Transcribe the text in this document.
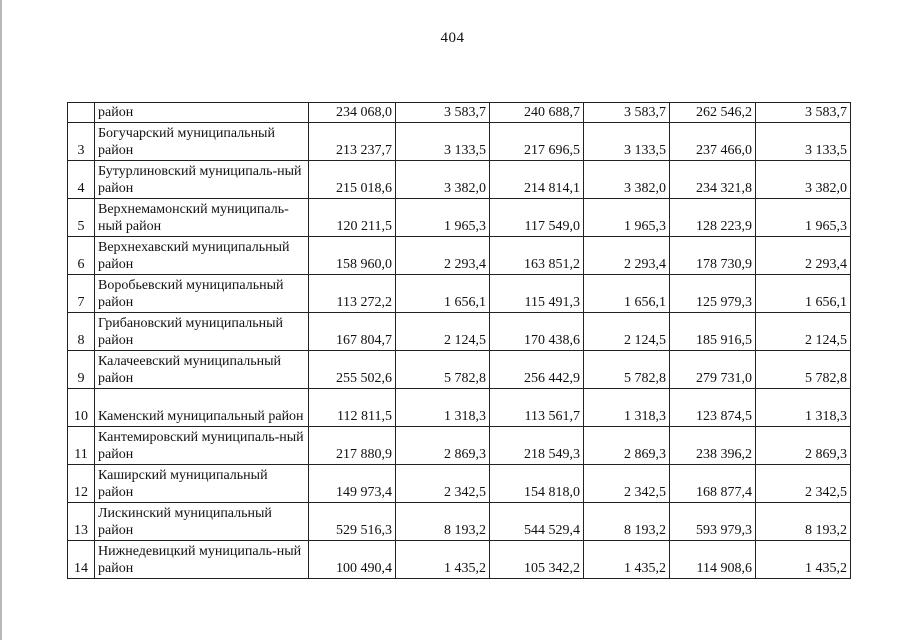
404
	район	234 068,0	3 583,7	240 688,7	3 583,7	262 546,2	3 583,7
3	Богучарский муниципальный район	213 237,7	3 133,5	217 696,5	3 133,5	237 466,0	3 133,5
4	Бутурлиновский муниципаль-ный район	215 018,6	3 382,0	214 814,1	3 382,0	234 321,8	3 382,0
5	Верхнемамонский муниципаль-ный район	120 211,5	1 965,3	117 549,0	1 965,3	128 223,9	1 965,3
6	Верхнехавский муниципальный район	158 960,0	2 293,4	163 851,2	2 293,4	178 730,9	2 293,4
7	Воробьевский муниципальный район	113 272,2	1 656,1	115 491,3	1 656,1	125 979,3	1 656,1
8	Грибановский муниципальный район	167 804,7	2 124,5	170 438,6	2 124,5	185 916,5	2 124,5
9	Калачеевский муниципальный район	255 502,6	5 782,8	256 442,9	5 782,8	279 731,0	5 782,8
10	Каменский муниципальный район	112 811,5	1 318,3	113 561,7	1 318,3	123 874,5	1 318,3
11	Кантемировский муниципаль-ный район	217 880,9	2 869,3	218 549,3	2 869,3	238 396,2	2 869,3
12	Каширский муниципальный район	149 973,4	2 342,5	154 818,0	2 342,5	168 877,4	2 342,5
13	Лискинский муниципальный район	529 516,3	8 193,2	544 529,4	8 193,2	593 979,3	8 193,2
14	Нижнедевицкий муниципаль-ный район	100 490,4	1 435,2	105 342,2	1 435,2	114 908,6	1 435,2
